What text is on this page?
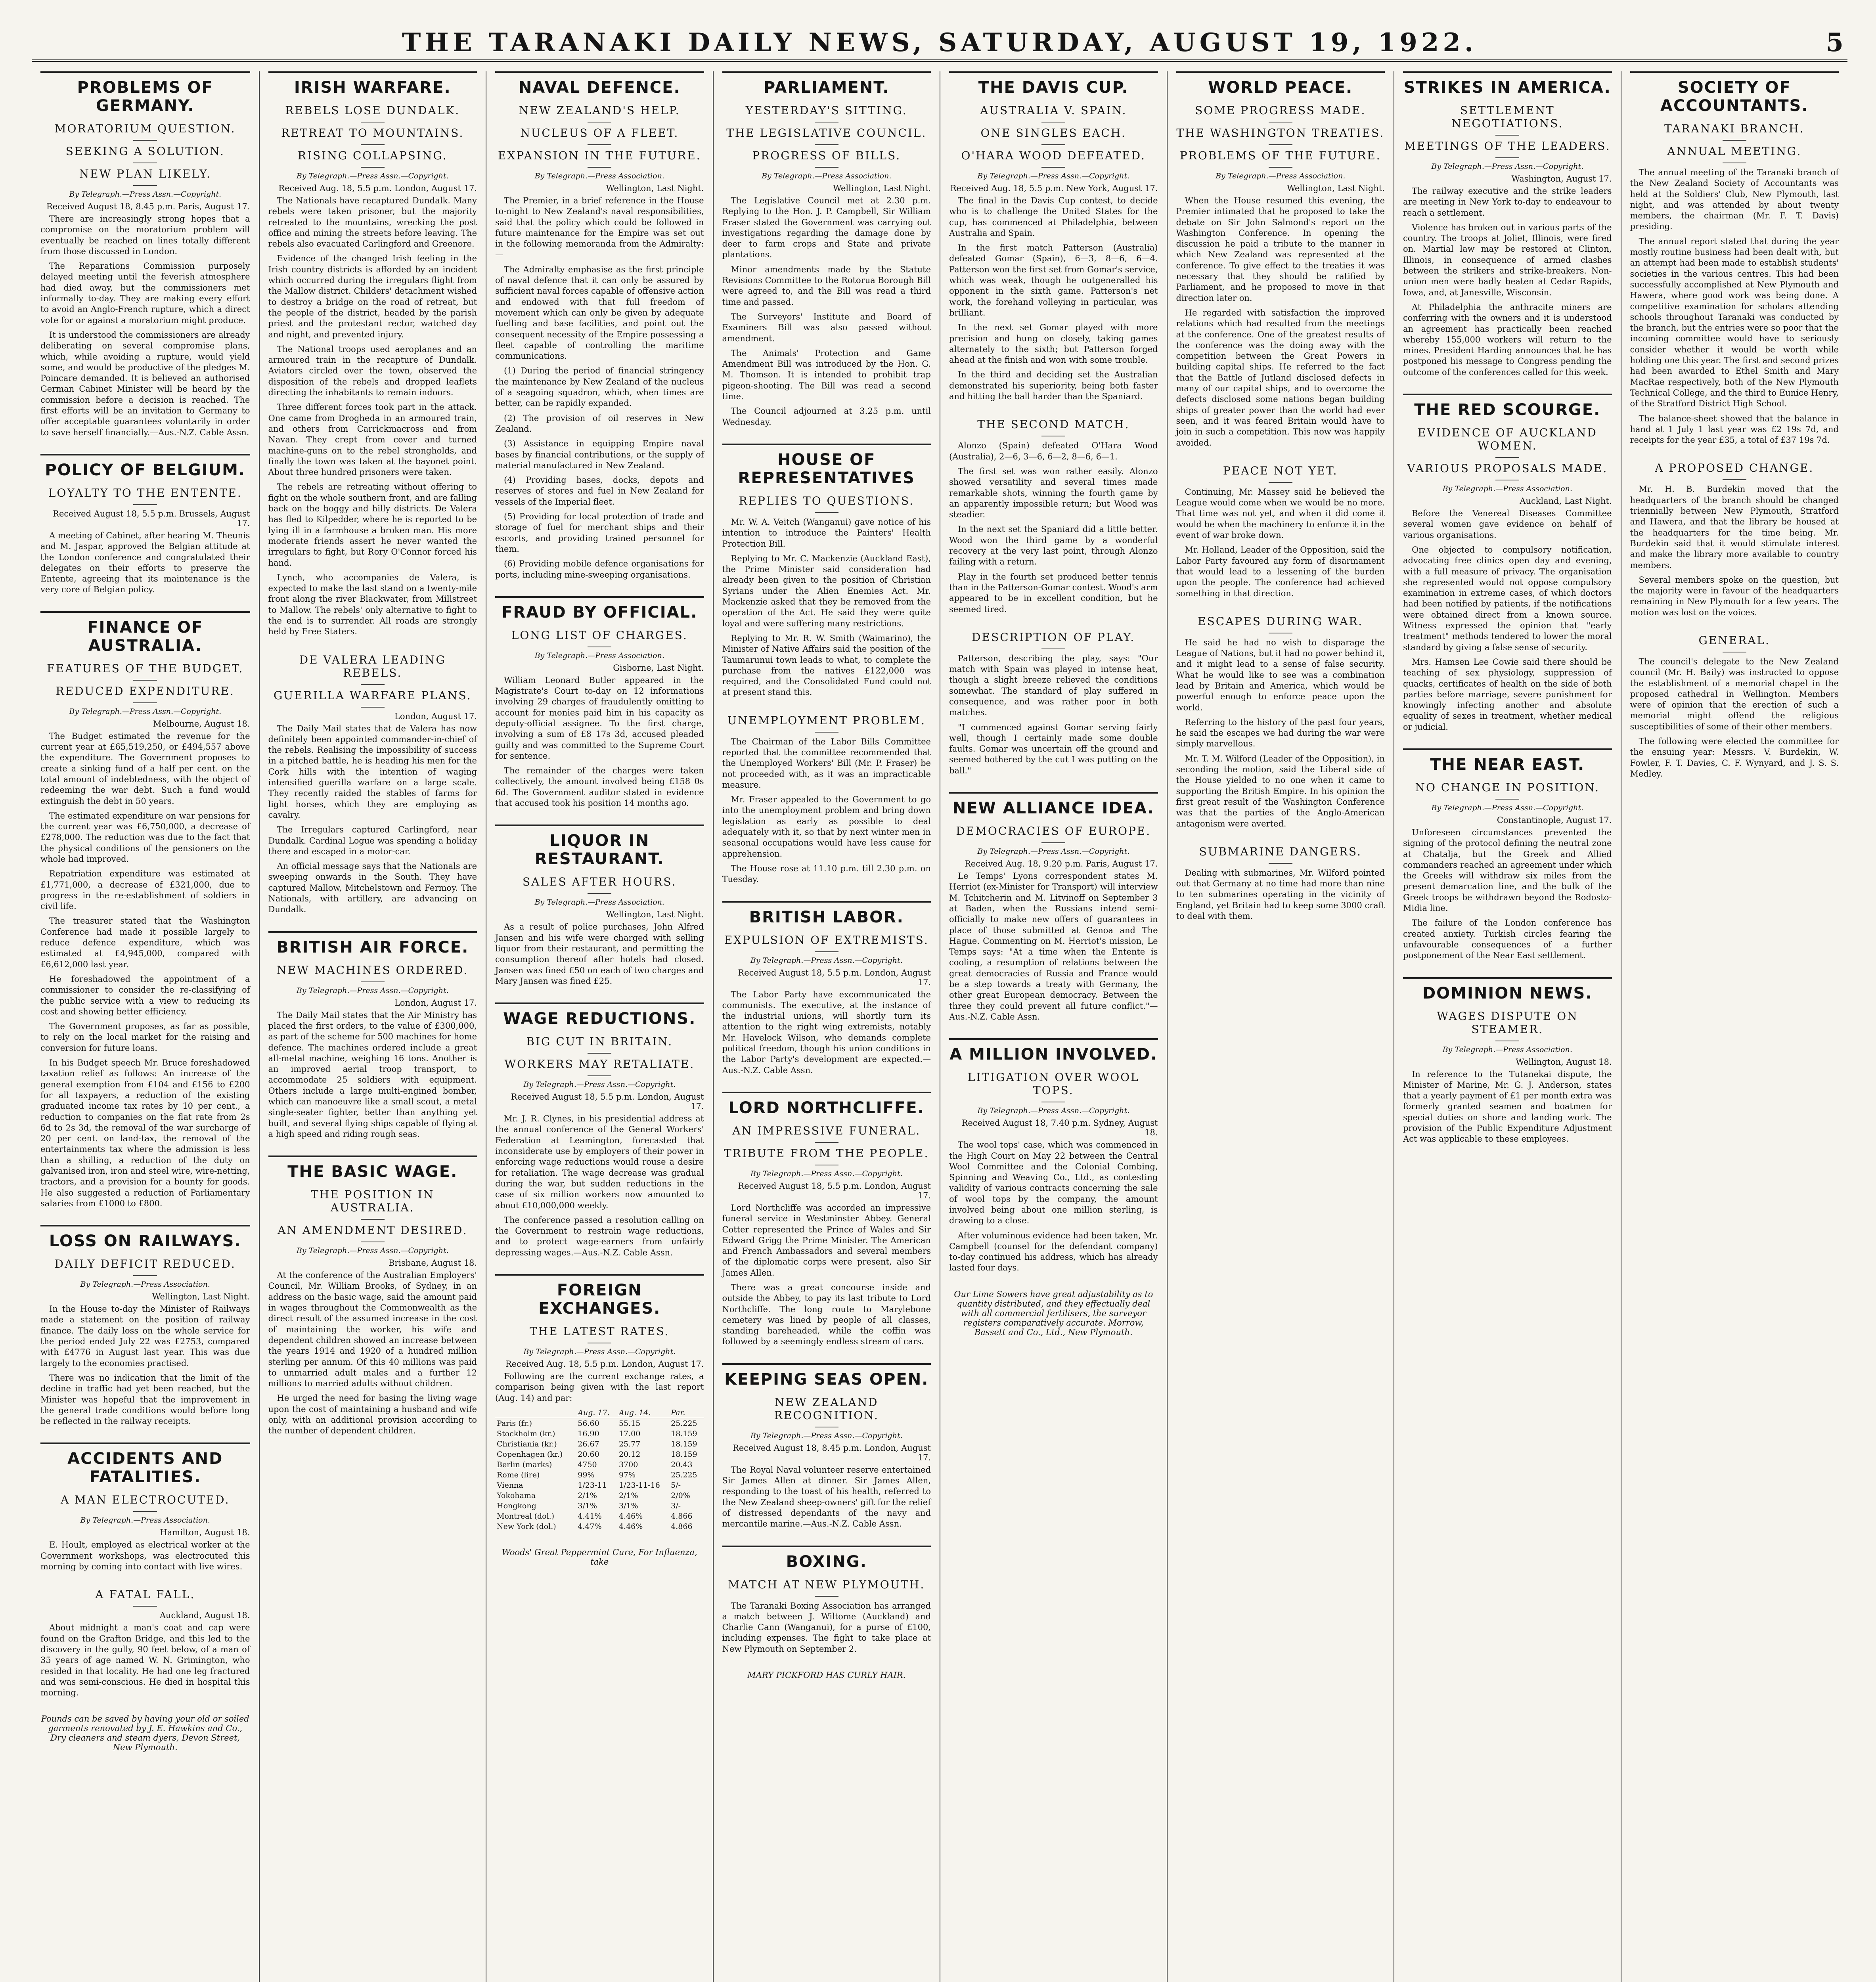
THE TARANAKI DAILY NEWS, SATURDAY, AUGUST 19, 1922.	5
PROBLEMS OF GERMANY.
MORATORIUM QUESTION.
SEEKING A SOLUTION.
NEW PLAN LIKELY.
By Telegraph.—Press Assn.—Copyright.
Received August 18, 8.45 p.m. Paris, August 17.

There are increasingly strong hopes that a compromise on the moratorium problem will eventually be reached on lines totally different from those discussed in London.

The Reparations Commission purposely delayed meeting until the feverish atmosphere had died away, but the commissioners met informally to-day. They are making every effort to avoid an Anglo-French rupture, which a direct vote for or against a moratorium might produce.

It is understood the commissioners are already deliberating on several compromise plans, which, while avoiding a rupture, would yield some, and would be productive of the pledges M. Poincare demanded. It is believed an authorised German Cabinet Minister will be heard by the commission before a decision is reached. The first efforts will be an invitation to Germany to offer acceptable guarantees voluntarily in order to save herself financially.—Aus.-N.Z. Cable Assn.

POLICY OF BELGIUM.
LOYALTY TO THE ENTENTE.
Received August 18, 5.5 p.m. Brussels, August 17.

A meeting of Cabinet, after hearing M. Theunis and M. Jaspar, approved the Belgian attitude at the London conference and congratulated their delegates on their efforts to preserve the Entente, agreeing that its maintenance is the very core of Belgian policy.

FINANCE OF AUSTRALIA.
FEATURES OF THE BUDGET.
REDUCED EXPENDITURE.
By Telegraph.—Press Assn.—Copyright.
Melbourne, August 18.

The Budget estimated the revenue for the current year at £65,519,250, or £494,557 above the expenditure. The Government proposes to create a sinking fund of a half per cent. on the total amount of indebtedness, with the object of redeeming the war debt. Such a fund would extinguish the debt in 50 years.

The estimated expenditure on war pensions for the current year was £6,750,000, a decrease of £278,000. The reduction was due to the fact that the physical conditions of the pensioners on the whole had improved.

Repatriation expenditure was estimated at £1,771,000, a decrease of £321,000, due to progress in the re-establishment of soldiers in civil life.

The treasurer stated that the Washington Conference had made it possible largely to reduce defence expenditure, which was estimated at £4,945,000, compared with £6,612,000 last year.

He foreshadowed the appointment of a commissioner to consider the re-classifying of the public service with a view to reducing its cost and showing better efficiency.

The Government proposes, as far as possible, to rely on the local market for the raising and conversion for future loans.

In his Budget speech Mr. Bruce foreshadowed taxation relief as follows: An increase of the general exemption from £104 and £156 to £200 for all taxpayers, a reduction of the existing graduated income tax rates by 10 per cent., a reduction to companies on the flat rate from 2s 6d to 2s 3d, the removal of the war surcharge of 20 per cent. on land-tax, the removal of the entertainments tax where the admission is less than a shilling, a reduction of the duty on galvanised iron, iron and steel wire, wire-netting, tractors, and a provision for a bounty for goods. He also suggested a reduction of Parliamentary salaries from £1000 to £800.

LOSS ON RAILWAYS.
DAILY DEFICIT REDUCED.
By Telegraph.—Press Association.
Wellington, Last Night.

In the House to-day the Minister of Railways made a statement on the position of railway finance. The daily loss on the whole service for the period ended July 22 was £2753, compared with £4776 in August last year. This was due largely to the economies practised.

There was no indication that the limit of the decline in traffic had yet been reached, but the Minister was hopeful that the improvement in the general trade conditions would before long be reflected in the railway receipts.

ACCIDENTS AND FATALITIES.
A MAN ELECTROCUTED.
By Telegraph.—Press Association.
Hamilton, August 18.

E. Hoult, employed as electrical worker at the Government workshops, was electrocuted this morning by coming into contact with live wires.

A FATAL FALL.
Auckland, August 18.

About midnight a man's coat and cap were found on the Grafton Bridge, and this led to the discovery in the gully, 90 feet below, of a man of 35 years of age named W. N. Grimington, who resided in that locality. He had one leg fractured and was semi-conscious. He died in hospital this morning.

Pounds can be saved by having your old or soiled garments renovated by J. E. Hawkins and Co., Dry cleaners and steam dyers, Devon Street, New Plymouth.
IRISH WARFARE.
REBELS LOSE DUNDALK.
RETREAT TO MOUNTAINS.
RISING COLLAPSING.
By Telegraph.—Press Assn.—Copyright.
Received Aug. 18, 5.5 p.m. London, August 17.

The Nationals have recaptured Dundalk. Many rebels were taken prisoner, but the majority retreated to the mountains, wrecking the post office and mining the streets before leaving. The rebels also evacuated Carlingford and Greenore.

Evidence of the changed Irish feeling in the Irish country districts is afforded by an incident which occurred during the irregulars flight from the Mallow district. Childers' detachment wished to destroy a bridge on the road of retreat, but the people of the district, headed by the parish priest and the protestant rector, watched day and night, and prevented injury.

The National troops used aeroplanes and an armoured train in the recapture of Dundalk. Aviators circled over the town, observed the disposition of the rebels and dropped leaflets directing the inhabitants to remain indoors.

Three different forces took part in the attack. One came from Drogheda in an armoured train, and others from Carrickmacross and from Navan. They crept from cover and turned machine-guns on to the rebel strongholds, and finally the town was taken at the bayonet point. About three hundred prisoners were taken.

The rebels are retreating without offering to fight on the whole southern front, and are falling back on the boggy and hilly districts. De Valera has fled to Kilpedder, where he is reported to be lying ill in a farmhouse a broken man. His more moderate friends assert he never wanted the irregulars to fight, but Rory O'Connor forced his hand.

Lynch, who accompanies de Valera, is expected to make the last stand on a twenty-mile front along the river Blackwater, from Millstreet to Mallow. The rebels' only alternative to fight to the end is to surrender. All roads are strongly held by Free Staters.

DE VALERA LEADING REBELS.
GUERILLA WARFARE PLANS.
London, August 17.

The Daily Mail states that de Valera has now definitely been appointed commander-in-chief of the rebels. Realising the impossibility of success in a pitched battle, he is heading his men for the Cork hills with the intention of waging intensified guerilla warfare on a large scale. They recently raided the stables of farms for light horses, which they are employing as cavalry.

The Irregulars captured Carlingford, near Dundalk. Cardinal Logue was spending a holiday there and escaped in a motor-car.

An official message says that the Nationals are sweeping onwards in the South. They have captured Mallow, Mitchelstown and Fermoy. The Nationals, with artillery, are advancing on Dundalk.

BRITISH AIR FORCE.
NEW MACHINES ORDERED.
By Telegraph.—Press Assn.—Copyright.
London, August 17.

The Daily Mail states that the Air Ministry has placed the first orders, to the value of £300,000, as part of the scheme for 500 machines for home defence. The machines ordered include a great all-metal machine, weighing 16 tons. Another is an improved aerial troop transport, to accommodate 25 soldiers with equipment. Others include a large multi-engined bomber, which can manoeuvre like a small scout, a metal single-seater fighter, better than anything yet built, and several flying ships capable of flying at a high speed and riding rough seas.

THE BASIC WAGE.
THE POSITION IN AUSTRALIA.
AN AMENDMENT DESIRED.
By Telegraph.—Press Assn.—Copyright.
Brisbane, August 18.

At the conference of the Australian Employers' Council, Mr. William Brooks, of Sydney, in an address on the basic wage, said the amount paid in wages throughout the Commonwealth as the direct result of the assumed increase in the cost of maintaining the worker, his wife and dependent children showed an increase between the years 1914 and 1920 of a hundred million sterling per annum. Of this 40 millions was paid to unmarried adult males and a further 12 millions to married adults without children.

He urged the need for basing the living wage upon the cost of maintaining a husband and wife only, with an additional provision according to the number of dependent children.

NAVAL DEFENCE.
NEW ZEALAND'S HELP.
NUCLEUS OF A FLEET.
EXPANSION IN THE FUTURE.
By Telegraph.—Press Association.
Wellington, Last Night.

The Premier, in a brief reference in the House to-night to New Zealand's naval responsibilities, said that the policy which could be followed in future maintenance for the Empire was set out in the following memoranda from the Admiralty:—

The Admiralty emphasise as the first principle of naval defence that it can only be assured by sufficient naval forces capable of offensive action and endowed with that full freedom of movement which can only be given by adequate fuelling and base facilities, and point out the consequent necessity of the Empire possessing a fleet capable of controlling the maritime communications.

(1) During the period of financial stringency the maintenance by New Zealand of the nucleus of a seagoing squadron, which, when times are better, can be rapidly expanded.

(2) The provision of oil reserves in New Zealand.

(3) Assistance in equipping Empire naval bases by financial contributions, or the supply of material manufactured in New Zealand.

(4) Providing bases, docks, depots and reserves of stores and fuel in New Zealand for vessels of the Imperial fleet.

(5) Providing for local protection of trade and storage of fuel for merchant ships and their escorts, and providing trained personnel for them.

(6) Providing mobile defence organisations for ports, including mine-sweeping organisations.

FRAUD BY OFFICIAL.
LONG LIST OF CHARGES.
By Telegraph.—Press Association.
Gisborne, Last Night.

William Leonard Butler appeared in the Magistrate's Court to-day on 12 informations involving 29 charges of fraudulently omitting to account for monies paid him in his capacity as deputy-official assignee. To the first charge, involving a sum of £8 17s 3d, accused pleaded guilty and was committed to the Supreme Court for sentence.

The remainder of the charges were taken collectively, the amount involved being £158 0s 6d. The Government auditor stated in evidence that accused took his position 14 months ago.

LIQUOR IN RESTAURANT.
SALES AFTER HOURS.
By Telegraph.—Press Association.
Wellington, Last Night.

As a result of police purchases, John Alfred Jansen and his wife were charged with selling liquor from their restaurant, and permitting the consumption thereof after hotels had closed. Jansen was fined £50 on each of two charges and Mary Jansen was fined £25.

WAGE REDUCTIONS.
BIG CUT IN BRITAIN.
WORKERS MAY RETALIATE.
By Telegraph.—Press Assn.—Copyright.
Received August 18, 5.5 p.m. London, August 17.

Mr. J. R. Clynes, in his presidential address at the annual conference of the General Workers' Federation at Leamington, forecasted that inconsiderate use by employers of their power in enforcing wage reductions would rouse a desire for retaliation. The wage decrease was gradual during the war, but sudden reductions in the case of six million workers now amounted to about £10,000,000 weekly.

The conference passed a resolution calling on the Government to restrain wage reductions, and to protect wage-earners from unfairly depressing wages.—Aus.-N.Z. Cable Assn.

FOREIGN EXCHANGES.
THE LATEST RATES.
By Telegraph.—Press Assn.—Copyright.
Received Aug. 18, 5.5 p.m. London, August 17.

Following are the current exchange rates, a comparison being given with the last report (Aug. 14) and par:

	Aug. 17.	Aug. 14.	Par.
Paris (fr.)	56.60	55.15	25.225
Stockholm (kr.)	16.90	17.00	18.159
Christiania (kr.)	26.67	25.77	18.159
Copenhagen (kr.)	20.60	20.12	18.159
Berlin (marks)	4750	3700	20.43
Rome (lire)	99%	97%	25.225
Vienna	1/23-11	1/23-11-16	5/-
Yokohama	2/1%	2/1%	2/0%
Hongkong	3/1%	3/1%	3/-
Montreal (dol.)	4.41%	4.46%	4.866
New York (dol.)	4.47%	4.46%	4.866
Woods' Great Peppermint Cure, For Influenza, take
PARLIAMENT.
YESTERDAY'S SITTING.
THE LEGISLATIVE COUNCIL.
PROGRESS OF BILLS.
By Telegraph.—Press Association.
Wellington, Last Night.

The Legislative Council met at 2.30 p.m. Replying to the Hon. J. P. Campbell, Sir William Fraser stated the Government was carrying out investigations regarding the damage done by deer to farm crops and State and private plantations.

Minor amendments made by the Statute Revisions Committee to the Rotorua Borough Bill were agreed to, and the Bill was read a third time and passed.

The Surveyors' Institute and Board of Examiners Bill was also passed without amendment.

The Animals' Protection and Game Amendment Bill was introduced by the Hon. G. M. Thomson. It is intended to prohibit trap pigeon-shooting. The Bill was read a second time.

The Council adjourned at 3.25 p.m. until Wednesday.

HOUSE OF REPRESENTATIVES
REPLIES TO QUESTIONS.

Mr. W. A. Veitch (Wanganui) gave notice of his intention to introduce the Painters' Health Protection Bill.

Replying to Mr. C. Mackenzie (Auckland East), the Prime Minister said consideration had already been given to the position of Christian Syrians under the Alien Enemies Act. Mr. Mackenzie asked that they be removed from the operation of the Act. He said they were quite loyal and were suffering many restrictions.

Replying to Mr. R. W. Smith (Waimarino), the Minister of Native Affairs said the position of the Taumarunui town leads to what, to complete the purchase from the natives £122,000 was required, and the Consolidated Fund could not at present stand this.

UNEMPLOYMENT PROBLEM.

The Chairman of the Labor Bills Committee reported that the committee recommended that the Unemployed Workers' Bill (Mr. P. Fraser) be not proceeded with, as it was an impracticable measure.

Mr. Fraser appealed to the Government to go into the unemployment problem and bring down legislation as early as possible to deal adequately with it, so that by next winter men in seasonal occupations would have less cause for apprehension.

The House rose at 11.10 p.m. till 2.30 p.m. on Tuesday.

BRITISH LABOR.
EXPULSION OF EXTREMISTS.
By Telegraph.—Press Assn.—Copyright.
Received August 18, 5.5 p.m. London, August 17.

The Labor Party have excommunicated the communists. The executive, at the instance of the industrial unions, will shortly turn its attention to the right wing extremists, notably Mr. Havelock Wilson, who demands complete political freedom, though his union conditions in the Labor Party's development are expected.—Aus.-N.Z. Cable Assn.

LORD NORTHCLIFFE.
AN IMPRESSIVE FUNERAL.
TRIBUTE FROM THE PEOPLE.
By Telegraph.—Press Assn.—Copyright.
Received August 18, 5.5 p.m. London, August 17.

Lord Northcliffe was accorded an impressive funeral service in Westminster Abbey. General Cotter represented the Prince of Wales and Sir Edward Grigg the Prime Minister. The American and French Ambassadors and several members of the diplomatic corps were present, also Sir James Allen.

There was a great concourse inside and outside the Abbey, to pay its last tribute to Lord Northcliffe. The long route to Marylebone cemetery was lined by people of all classes, standing bareheaded, while the coffin was followed by a seemingly endless stream of cars.

KEEPING SEAS OPEN.
NEW ZEALAND RECOGNITION.
By Telegraph.—Press Assn.—Copyright.
Received August 18, 8.45 p.m. London, August 17.

The Royal Naval volunteer reserve entertained Sir James Allen at dinner. Sir James Allen, responding to the toast of his health, referred to the New Zealand sheep-owners' gift for the relief of distressed dependants of the navy and mercantile marine.—Aus.-N.Z. Cable Assn.

BOXING.
MATCH AT NEW PLYMOUTH.

The Taranaki Boxing Association has arranged a match between J. Wiltome (Auckland) and Charlie Cann (Wanganui), for a purse of £100, including expenses. The fight to take place at New Plymouth on September 2.

MARY PICKFORD HAS CURLY HAIR.
THE DAVIS CUP.
AUSTRALIA V. SPAIN.
ONE SINGLES EACH.
O'HARA WOOD DEFEATED.
By Telegraph.—Press Assn.—Copyright.
Received Aug. 18, 5.5 p.m. New York, August 17.

The final in the Davis Cup contest, to decide who is to challenge the United States for the cup, has commenced at Philadelphia, between Australia and Spain.

In the first match Patterson (Australia) defeated Gomar (Spain), 6—3, 8—6, 6—4. Patterson won the first set from Gomar's service, which was weak, though he outgeneralled his opponent in the sixth game. Patterson's net work, the forehand volleying in particular, was brilliant.

In the next set Gomar played with more precision and hung on closely, taking games alternately to the sixth; but Patterson forged ahead at the finish and won with some trouble.

In the third and deciding set the Australian demonstrated his superiority, being both faster and hitting the ball harder than the Spaniard.

THE SECOND MATCH.

Alonzo (Spain) defeated O'Hara Wood (Australia), 2—6, 3—6, 6—2, 8—6, 6—1.

The first set was won rather easily. Alonzo showed versatility and several times made remarkable shots, winning the fourth game by an apparently impossible return; but Wood was steadier.

In the next set the Spaniard did a little better. Wood won the third game by a wonderful recovery at the very last point, through Alonzo failing with a return.

Play in the fourth set produced better tennis than in the Patterson-Gomar contest. Wood's arm appeared to be in excellent condition, but he seemed tired.

DESCRIPTION OF PLAY.

Patterson, describing the play, says: "Our match with Spain was played in intense heat, though a slight breeze relieved the conditions somewhat. The standard of play suffered in consequence, and was rather poor in both matches.

"I commenced against Gomar serving fairly well, though I certainly made some double faults. Gomar was uncertain off the ground and seemed bothered by the cut I was putting on the ball."

NEW ALLIANCE IDEA.
DEMOCRACIES OF EUROPE.
By Telegraph.—Press Assn.—Copyright.
Received Aug. 18, 9.20 p.m. Paris, August 17.

Le Temps' Lyons correspondent states M. Herriot (ex-Minister for Transport) will interview M. Tchitcherin and M. Litvinoff on September 3 at Baden, when the Russians intend semi-officially to make new offers of guarantees in place of those submitted at Genoa and The Hague. Commenting on M. Herriot's mission, Le Temps says: "At a time when the Entente is cooling, a resumption of relations between the great democracies of Russia and France would be a step towards a treaty with Germany, the other great European democracy. Between the three they could prevent all future conflict."—Aus.-N.Z. Cable Assn.

A MILLION INVOLVED.
LITIGATION OVER WOOL TOPS.
By Telegraph.—Press Assn.—Copyright.
Received August 18, 7.40 p.m. Sydney, August 18.

The wool tops' case, which was commenced in the High Court on May 22 between the Central Wool Committee and the Colonial Combing, Spinning and Weaving Co., Ltd., as contesting validity of various contracts concerning the sale of wool tops by the company, the amount involved being about one million sterling, is drawing to a close.

After voluminous evidence had been taken, Mr. Campbell (counsel for the defendant company) to-day continued his address, which has already lasted four days.

Our Lime Sowers have great adjustability as to quantity distributed, and they effectually deal with all commercial fertilisers, the surveyor registers comparatively accurate. Morrow, Bassett and Co., Ltd., New Plymouth.
WORLD PEACE.
SOME PROGRESS MADE.
THE WASHINGTON TREATIES.
PROBLEMS OF THE FUTURE.
By Telegraph.—Press Association.
Wellington, Last Night.

When the House resumed this evening, the Premier intimated that he proposed to take the debate on Sir John Salmond's report on the Washington Conference. In opening the discussion he paid a tribute to the manner in which New Zealand was represented at the conference. To give effect to the treaties it was necessary that they should be ratified by Parliament, and he proposed to move in that direction later on.

He regarded with satisfaction the improved relations which had resulted from the meetings at the conference. One of the greatest results of the conference was the doing away with the competition between the Great Powers in building capital ships. He referred to the fact that the Battle of Jutland disclosed defects in many of our capital ships, and to overcome the defects disclosed some nations began building ships of greater power than the world had ever seen, and it was feared Britain would have to join in such a competition. This now was happily avoided.

PEACE NOT YET.

Continuing, Mr. Massey said he believed the League would come when we would be no more. That time was not yet, and when it did come it would be when the machinery to enforce it in the event of war broke down.

Mr. Holland, Leader of the Opposition, said the Labor Party favoured any form of disarmament that would lead to a lessening of the burden upon the people. The conference had achieved something in that direction.

ESCAPES DURING WAR.

He said he had no wish to disparage the League of Nations, but it had no power behind it, and it might lead to a sense of false security. What he would like to see was a combination lead by Britain and America, which would be powerful enough to enforce peace upon the world.

Referring to the history of the past four years, he said the escapes we had during the war were simply marvellous.

Mr. T. M. Wilford (Leader of the Opposition), in seconding the motion, said the Liberal side of the House yielded to no one when it came to supporting the British Empire. In his opinion the first great result of the Washington Conference was that the parties of the Anglo-American antagonism were averted.

SUBMARINE DANGERS.

Dealing with submarines, Mr. Wilford pointed out that Germany at no time had more than nine to ten submarines operating in the vicinity of England, yet Britain had to keep some 3000 craft to deal with them.

STRIKES IN AMERICA.
SETTLEMENT NEGOTIATIONS.
MEETINGS OF THE LEADERS.
By Telegraph.—Press Assn.—Copyright.
Washington, August 17.

The railway executive and the strike leaders are meeting in New York to-day to endeavour to reach a settlement.

Violence has broken out in various parts of the country. The troops at Joliet, Illinois, were fired on. Martial law may be restored at Clinton, Illinois, in consequence of armed clashes between the strikers and strike-breakers. Non-union men were badly beaten at Cedar Rapids, Iowa, and, at Janesville, Wisconsin.

At Philadelphia the anthracite miners are conferring with the owners and it is understood an agreement has practically been reached whereby 155,000 workers will return to the mines. President Harding announces that he has postponed his message to Congress pending the outcome of the conferences called for this week.

THE RED SCOURGE.
EVIDENCE OF AUCKLAND WOMEN.
VARIOUS PROPOSALS MADE.
By Telegraph.—Press Association.
Auckland, Last Night.

Before the Venereal Diseases Committee several women gave evidence on behalf of various organisations.

One objected to compulsory notification, advocating free clinics open day and evening, with a full measure of privacy. The organisation she represented would not oppose compulsory examination in extreme cases, of which doctors had been notified by patients, if the notifications were obtained direct from a known source. Witness expressed the opinion that "early treatment" methods tendered to lower the moral standard by giving a false sense of security.

Mrs. Hamsen Lee Cowie said there should be teaching of sex physiology, suppression of quacks, certificates of health on the side of both parties before marriage, severe punishment for knowingly infecting another and absolute equality of sexes in treatment, whether medical or judicial.

THE NEAR EAST.
NO CHANGE IN POSITION.
By Telegraph.—Press Assn.—Copyright.
Constantinople, August 17.

Unforeseen circumstances prevented the signing of the protocol defining the neutral zone at Chatalja, but the Greek and Allied commanders reached an agreement under which the Greeks will withdraw six miles from the present demarcation line, and the bulk of the Greek troops be withdrawn beyond the Rodosto-Midia line.

The failure of the London conference has created anxiety. Turkish circles fearing the unfavourable consequences of a further postponement of the Near East settlement.

DOMINION NEWS.
WAGES DISPUTE ON STEAMER.
By Telegraph.—Press Association.
Wellington, August 18.

In reference to the Tutanekai dispute, the Minister of Marine, Mr. G. J. Anderson, states that a yearly payment of £1 per month extra was formerly granted seamen and boatmen for special duties on shore and landing work. The provision of the Public Expenditure Adjustment Act was applicable to these employees.

SOCIETY OF ACCOUNTANTS.
TARANAKI BRANCH.
ANNUAL MEETING.

The annual meeting of the Taranaki branch of the New Zealand Society of Accountants was held at the Soldiers' Club, New Plymouth, last night, and was attended by about twenty members, the chairman (Mr. F. T. Davis) presiding.

The annual report stated that during the year mostly routine business had been dealt with, but an attempt had been made to establish students' societies in the various centres. This had been successfully accomplished at New Plymouth and Hawera, where good work was being done. A competitive examination for scholars attending schools throughout Taranaki was conducted by the branch, but the entries were so poor that the incoming committee would have to seriously consider whether it would be worth while holding one this year. The first and second prizes had been awarded to Ethel Smith and Mary MacRae respectively, both of the New Plymouth Technical College, and the third to Eunice Henry, of the Stratford District High School.

The balance-sheet showed that the balance in hand at 1 July 1 last year was £2 19s 7d, and receipts for the year £35, a total of £37 19s 7d.

A PROPOSED CHANGE.

Mr. H. B. Burdekin moved that the headquarters of the branch should be changed triennially between New Plymouth, Stratford and Hawera, and that the library be housed at the headquarters for the time being. Mr. Burdekin said that it would stimulate interest and make the library more available to country members.

Several members spoke on the question, but the majority were in favour of the headquarters remaining in New Plymouth for a few years. The motion was lost on the voices.

GENERAL.

The council's delegate to the New Zealand council (Mr. H. Baily) was instructed to oppose the establishment of a memorial chapel in the proposed cathedral in Wellington. Members were of opinion that the erection of such a memorial might offend the religious susceptibilities of some of their other members.

The following were elected the committee for the ensuing year: Messrs. V. Burdekin, W. Fowler, F. T. Davies, C. F. Wynyard, and J. S. S. Medley.
